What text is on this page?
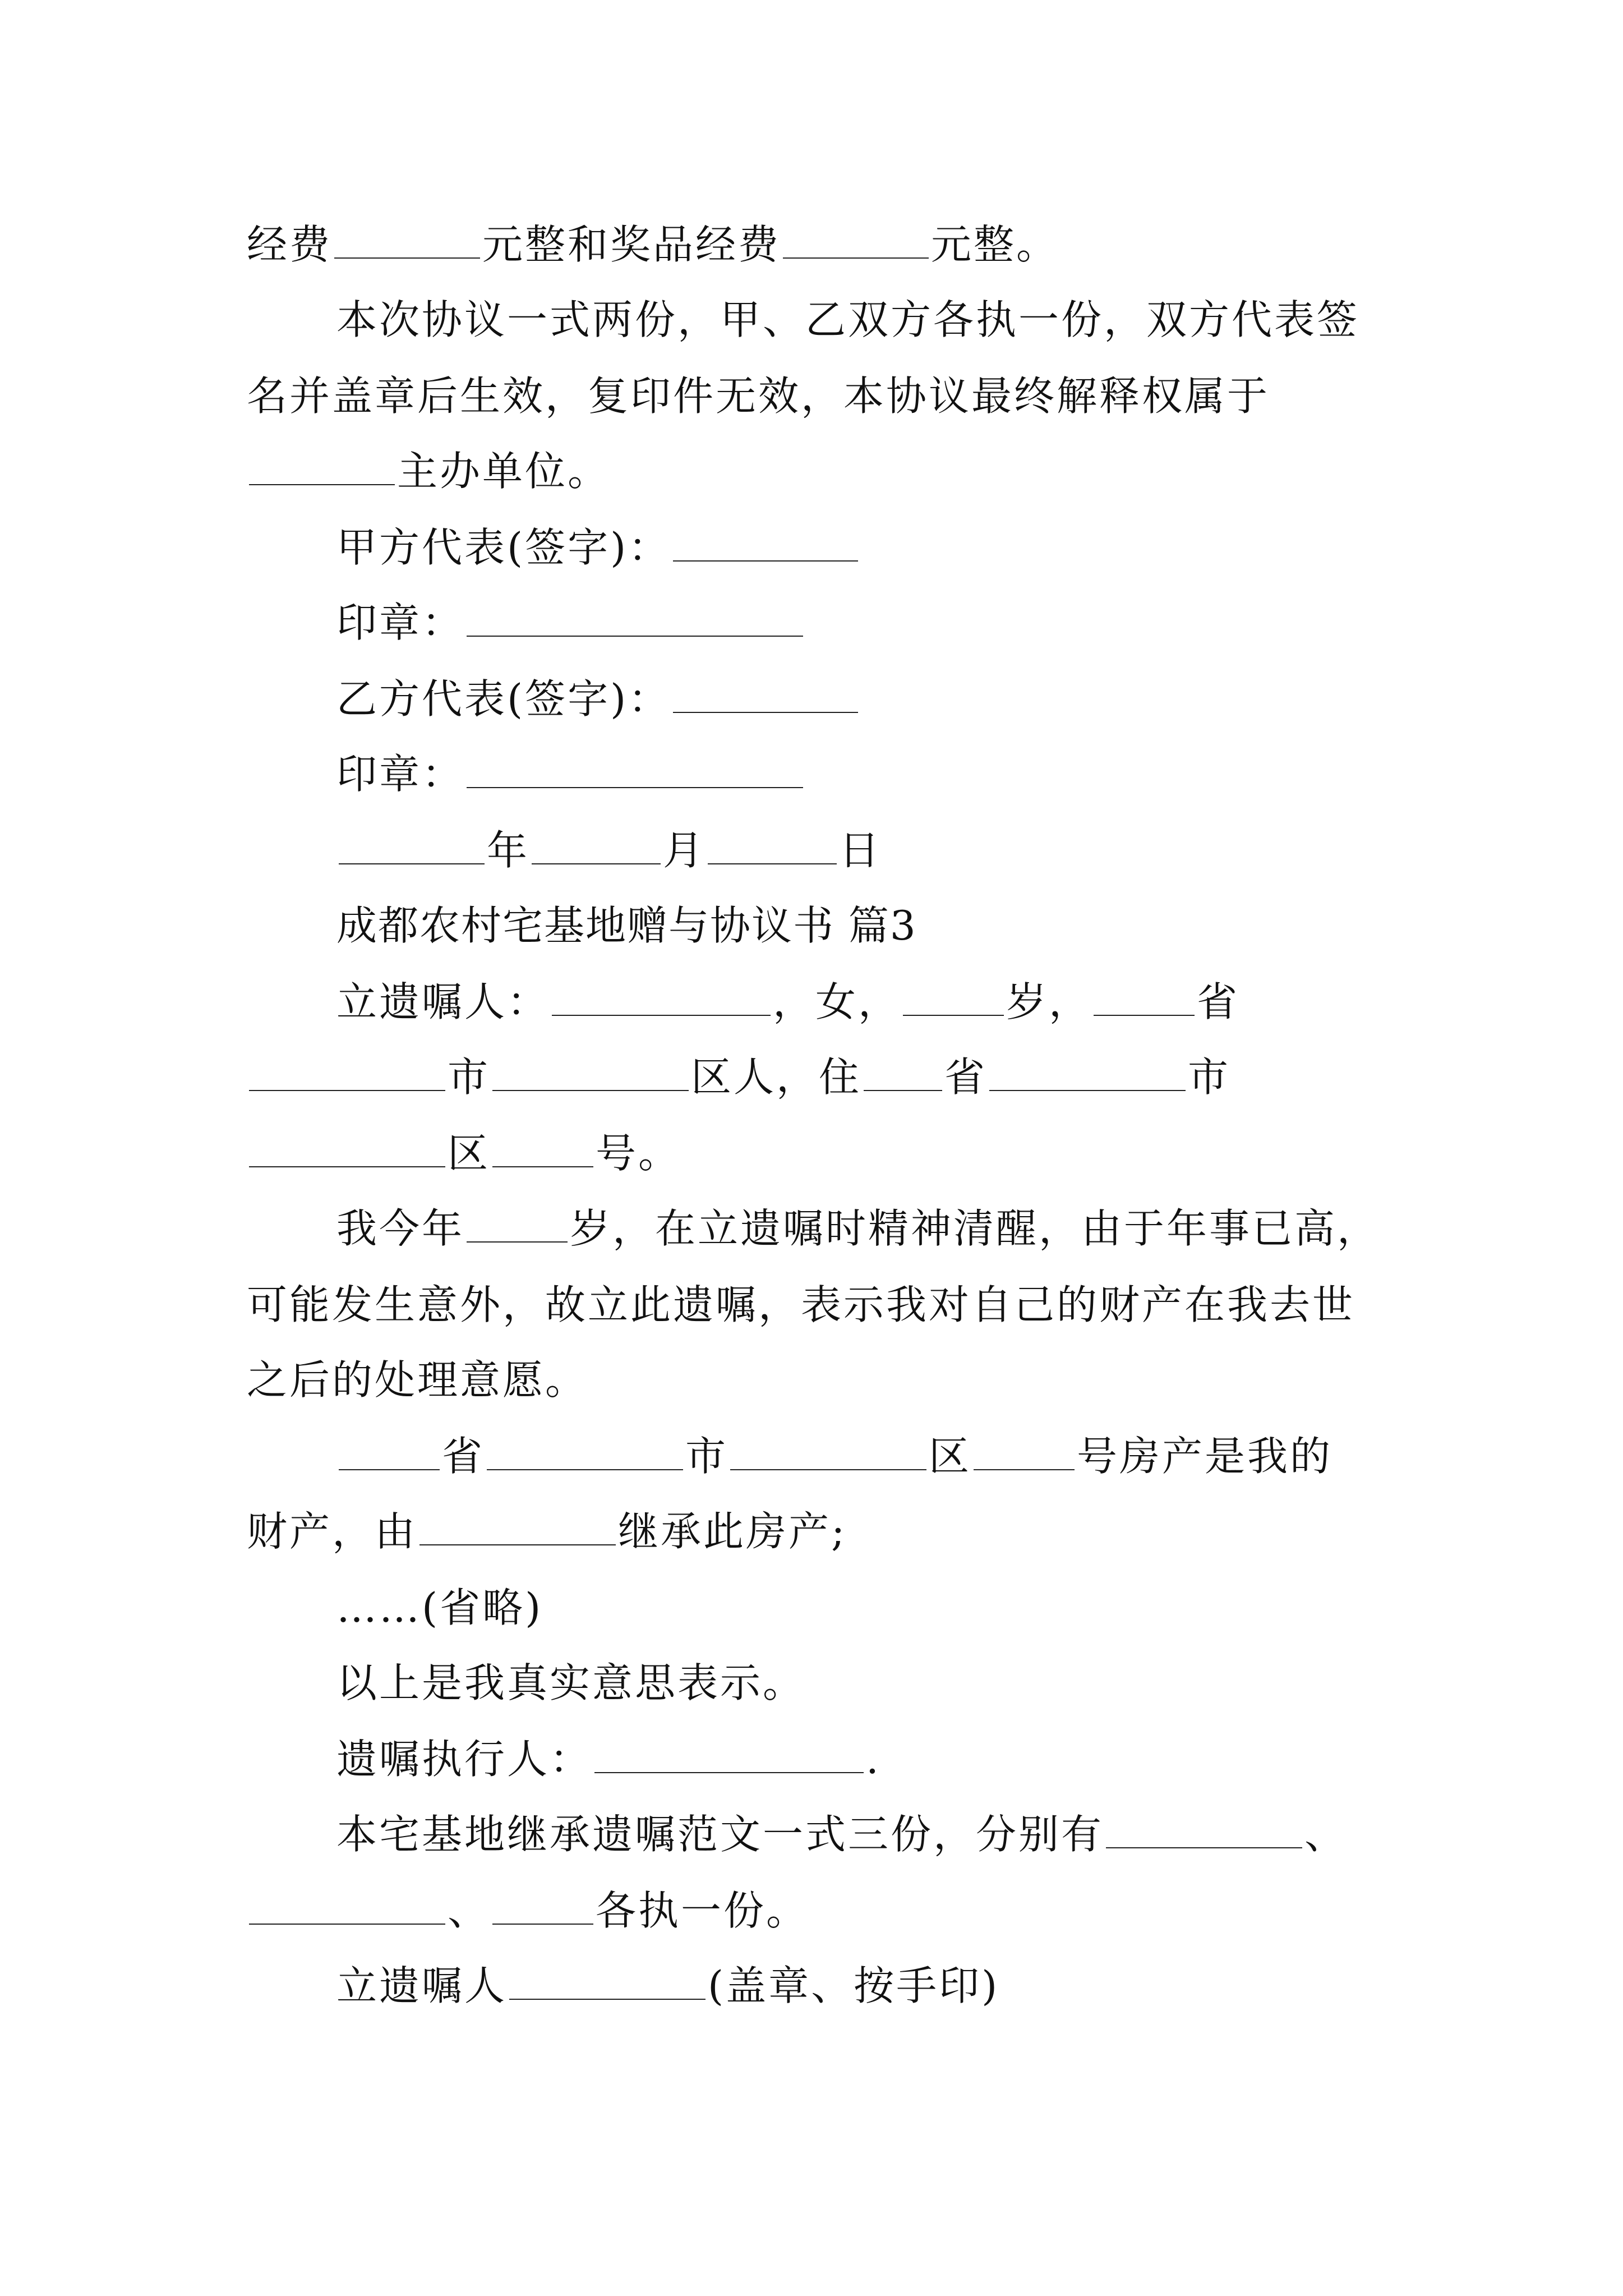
经费	元整和奖品经费	元整。
本次协议一式两份，甲、乙双方各执一份，双方代表签
名并盖章后生效，复印件无效，本协议最终解释权属于
主办单位。
甲方代表(签字)：
印章：
乙方代表(签字)：
印章：
年	月	日
成都农村宅基地赠与协议书 篇3
立遗嘱人：	，女，	岁，	省
市	区人，住 省	市
区	号。
我今年	岁，在立遗嘱时精神清醒，由于年事已高，
可能发生意外，故立此遗嘱，表示我对自己的财产在我去世
之后的处理意愿。
省	市	区	号房产是我的
财产，由	继承此房产;
……(省略)
以上是我真实意思表示。
遗嘱执行人：	.
本宅基地继承遗嘱范文一式三份，分别有	、
、	各执一份。
立遗嘱人	(盖章、按手印)
